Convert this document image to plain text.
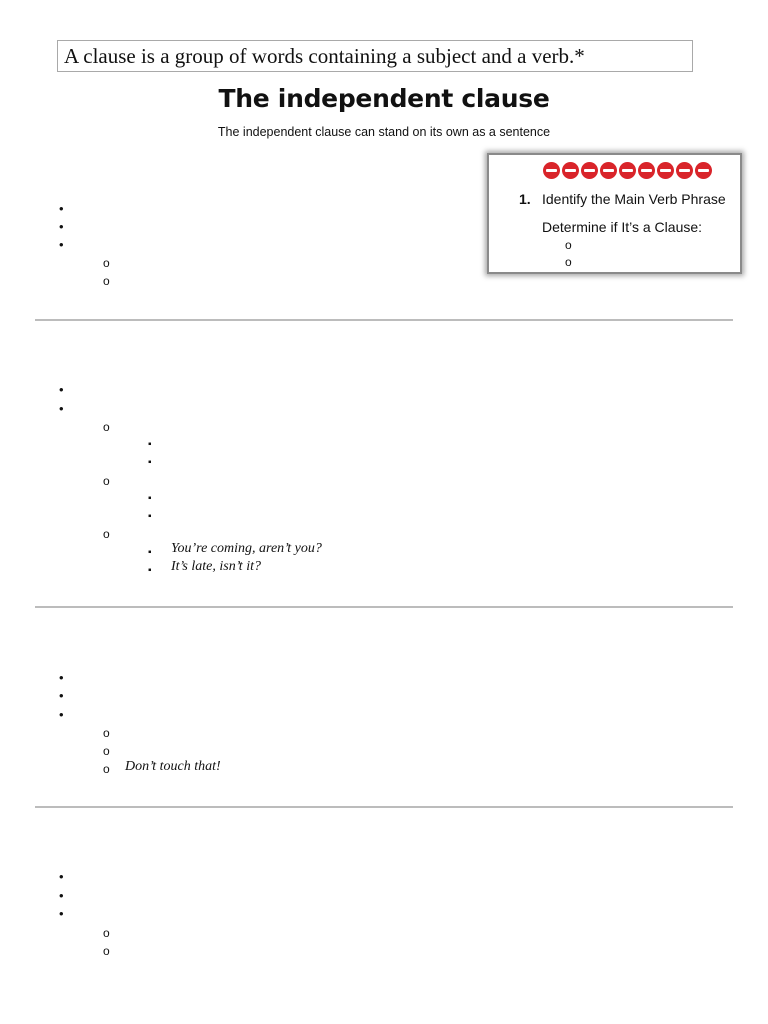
A clause is a group of words containing a subject and a verb.*
The independent clause
The independent clause can stand on its own as a sentence
1. Identify the Main Verb Phrase
Determine if It’s a Clause:
o
o
•
•
•
o
o
•
•
o
▪
▪
o
▪
▪
o
▪
You’re coming, aren’t you?
▪
It’s late, isn’t it?
•
•
•
o
o
o
Don’t touch that!
•
•
•
o
o
